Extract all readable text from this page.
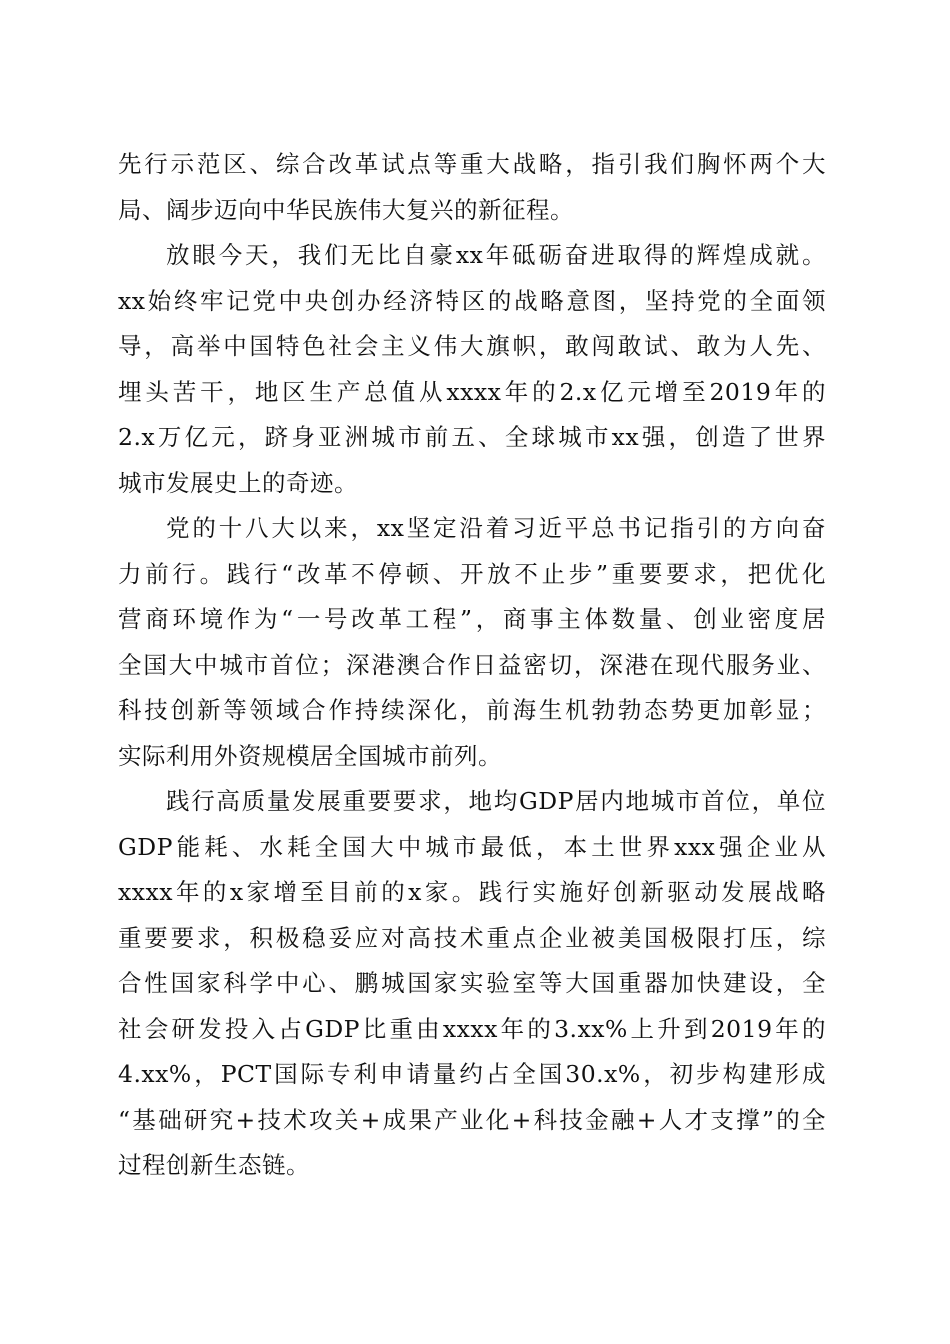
先行示范区、综合改革试点等重大战略，指引我们胸怀两个大
局、阔步迈向中华民族伟大复兴的新征程。
放眼今天，我们无比自豪xx年砥砺奋进取得的辉煌成就。
xx始终牢记党中央创办经济特区的战略意图，坚持党的全面领
导，高举中国特色社会主义伟大旗帜，敢闯敢试、敢为人先、
埋头苦干，地区生产总值从xxxx年的2.x亿元增至2019年的
2.x万亿元，跻身亚洲城市前五、全球城市xx强，创造了世界
城市发展史上的奇迹。
党的十八大以来，xx坚定沿着习近平总书记指引的方向奋
力前行。践行“改革不停顿、开放不止步”重要要求，把优化
营商环境作为“一号改革工程”，商事主体数量、创业密度居
全国大中城市首位；深港澳合作日益密切，深港在现代服务业、
科技创新等领域合作持续深化，前海生机勃勃态势更加彰显；
实际利用外资规模居全国城市前列。
践行高质量发展重要要求，地均GDP居内地城市首位，单位
GDP能耗、水耗全国大中城市最低，本土世界xxx强企业从
xxxx年的x家增至目前的x家。践行实施好创新驱动发展战略
重要要求，积极稳妥应对高技术重点企业被美国极限打压，综
合性国家科学中心、鹏城国家实验室等大国重器加快建设，全
社会研发投入占GDP比重由xxxx年的3.xx%上升到2019年的
4.xx%，PCT国际专利申请量约占全国30.x%，初步构建形成
“基础研究+技术攻关+成果产业化+科技金融+人才支撑”的全
过程创新生态链。
